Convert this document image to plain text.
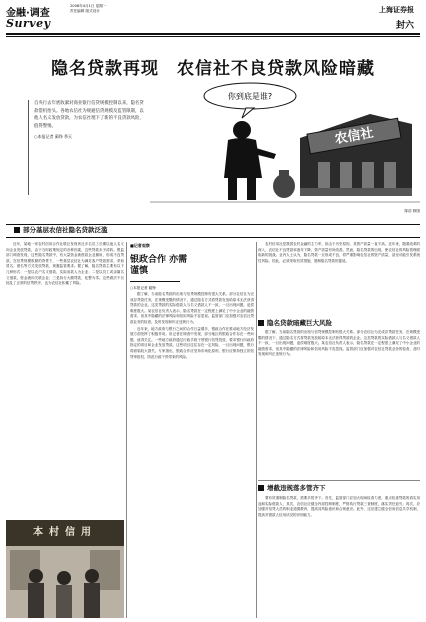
金融·调查
Survey
2008年4月1日 星期一
责任编辑 版式设计	上海证券报
封六
隐名贷款再现　农信社不良贷款风险暗藏
自央行去年底收紧对商业银行信贷规模控制以来，隐名贷款借机抬头。各地农信社为规避信贷规模及监管限制，以他人名义发放贷款，为农信社埋下了新的不良贷款风险，值得警惕。
○本报记者 蔺铮 季天
你到底是谁?
农信社
陈浩 制图
部分基层农信社隐名贷款泛滥

近年，某地一家农村信用合作社联社发现该社多名员工长期以他人名义向企业发放贷款，由于当时政策规定的各种因素，这些贷款未予清收。银监部门调查发现，这些隐名贷款中，有大量资金被借款企业挪用，形成不良贷款。在信贷规模收紧的背景下，一些基层农信社为满足客户贷款需求，采取冒名、借名等方式发放贷款，规避监管要求。据了解，隐名贷款主要有以下几种形式：一是以农户名义借款，实际用款人为企业；二是以员工或亲属名义借款，资金流向关联企业；三是拆分大额贷款，化整为零。这些做法不仅扰乱了正常的信贷秩序，也为农信社积累了风险。

■记者观察
银政合作 亦需谨慎
○本报记者 蔺铮

据了解，当前隐名贷款的出现与信贷规模控制有很大关系。部分农信社为完成存贷款任务，在规模受限的情况下，通过隐名方式将贷款发放给原本无法获得贷款的企业。这类贷款的实际借款人与名义借款人不一致，一旦出现问题，追偿难度极大。某农信社负责人表示，隐名贷款在一定程度上满足了中小企业的融资需求，但其中隐藏的法律风险和信用风险不容忽视。监管部门应加强对农信社贷款业务的检查，及时发现和纠正违规行为。

近年来，地方政府与银行之间的合作日益增多，银政合作在推动地方经济发展方面发挥了积极作用。但记者在调查中发现，部分地区的银政合作存在一些问题，值得关注。一些地方政府通过行政手段干预银行信贷投放，要求银行向政府指定的项目和企业发放贷款。这些项目往往存在一定风险，一旦出现问题，银行将面临较大损失。专家指出，银政合作应坚持市场化原则，银行应保持独立的信贷审批权，防范行政干预带来的风险。

农村信用社是我国农村金融的主力军，但由于历史原因，其资产质量一直不高。近年来，随着改革的深入，农信社不良贷款率逐年下降，资产质量有所改善。然而，隐名贷款的出现，使农信社的风险管理面临新的挑战。业内人士认为，隐名贷款一旦形成不良，将严重影响农信社的资产质量，甚至可能引发系统性风险。因此，必须采取有效措施，遏制隐名贷款的蔓延。

隐名贷款暗藏巨大风险

据了解，当前隐名贷款的出现与信贷规模控制有很大关系。部分农信社为完成存贷款任务，在规模受限的情况下，通过隐名方式将贷款发放给原本无法获得贷款的企业。这类贷款的实际借款人与名义借款人不一致，一旦出现问题，追偿难度极大。某农信社负责人表示，隐名贷款在一定程度上满足了中小企业的融资需求，但其中隐藏的法律风险和信用风险不容忽视。监管部门应加强对农信社贷款业务的检查，及时发现和纠正违规行为。

增截违规落多管齐下

要有效遏制隐名贷款，需要多管齐下。首先，监管部门应加大现场检查力度，重点检查贷款的真实用途和实际借款人；其次，农信社应健全内部控制制度，严格执行贷款三查制度，落实责任追究；再次，应加强对信贷人员的职业道德教育，提高其风险意识和合规意识。此外，还应建立健全信用信息共享机制，提高对借款人信用状况的识别能力。

本村信用
